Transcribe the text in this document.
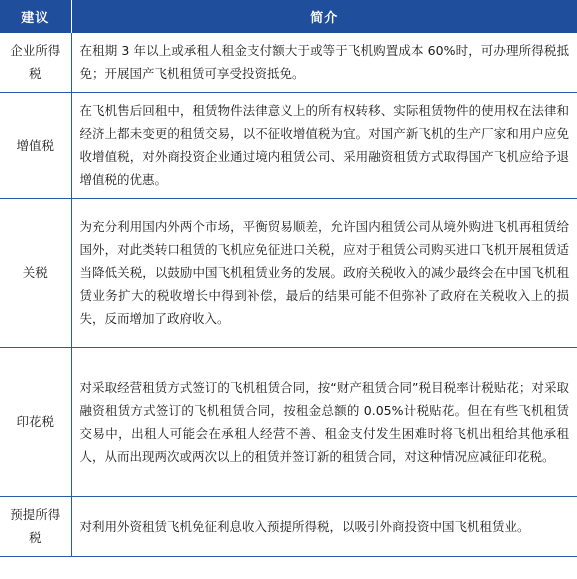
建议	简介
企业所得税	在租期 3 年以上或承租人租金支付额大于或等于飞机购置成本 60%时，可办理所得税抵免；开展国产飞机租赁可享受投资抵免。
增值税	在飞机售后回租中，租赁物件法律意义上的所有权转移、实际租赁物件的使用权在法律和经济上都未变更的租赁交易，以不征收增值税为宜。对国产新飞机的生产厂家和用户应免收增值税，对外商投资企业通过境内租赁公司、采用融资租赁方式取得国产飞机应给予退增值税的优惠。
关税	为充分利用国内外两个市场，平衡贸易顺差，允许国内租赁公司从境外购进飞机再租赁给国外，对此类转口租赁的飞机应免征进口关税，应对于租赁公司购买进口飞机开展租赁适当降低关税，以鼓励中国飞机租赁业务的发展。政府关税收入的减少最终会在中国飞机租赁业务扩大的税收增长中得到补偿，最后的结果可能不但弥补了政府在关税收入上的损失，反而增加了政府收入。
印花税	对采取经营租赁方式签订的飞机租赁合同，按“财产租赁合同”税目税率计税贴花；对采取融资租赁方式签订的飞机租赁合同，按租金总额的 0.05%计税贴花。但在有些飞机租赁交易中，出租人可能会在承租人经营不善、租金支付发生困难时将飞机出租给其他承租人，从而出现两次或两次以上的租赁并签订新的租赁合同，对这种情况应减征印花税。
预提所得税	对利用外资租赁飞机免征利息收入预提所得税，以吸引外商投资中国飞机租赁业。
